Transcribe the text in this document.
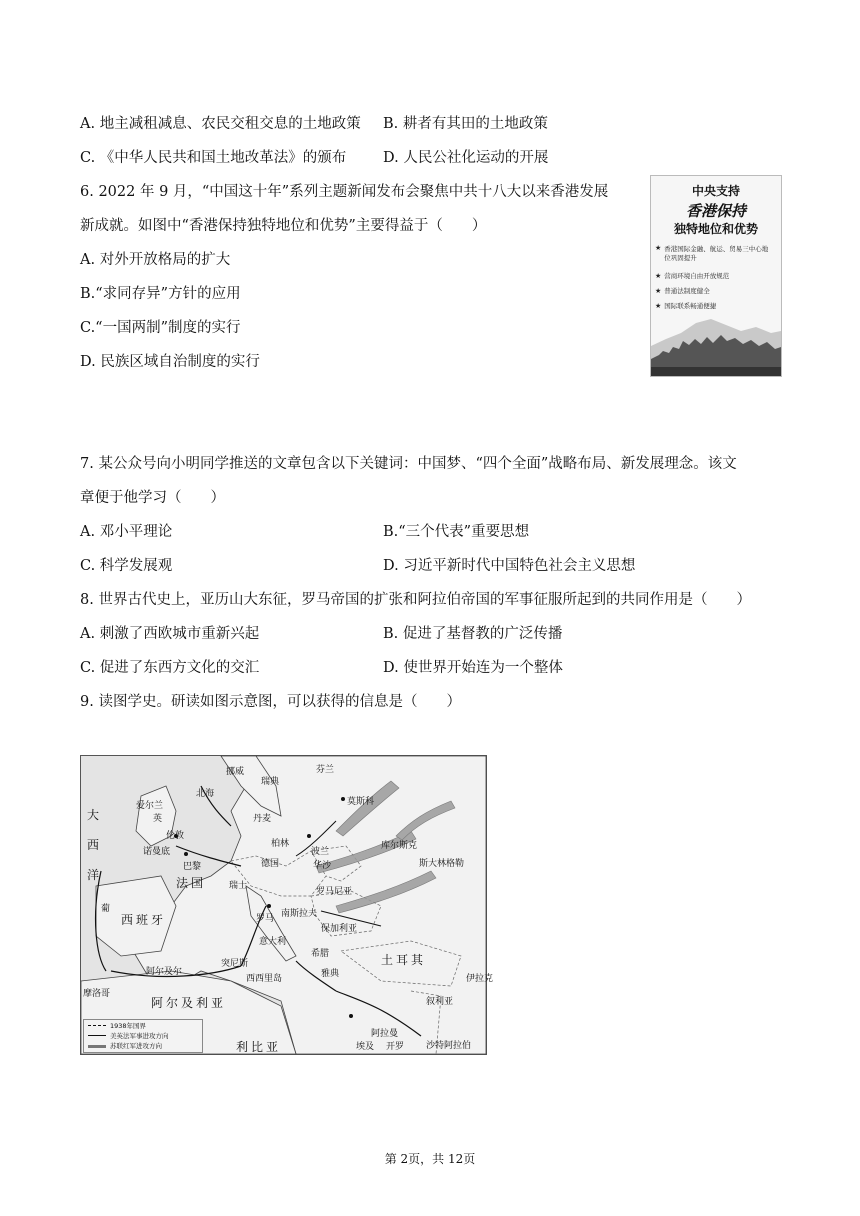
A. 地主减租减息、农民交租交息的土地政策 B. 耕者有其田的土地政策
C. 《中华人民共和国土地改革法》的颁布	D. 人民公社化运动的开展
6. 2022 年 9 月，“中国这十年”系列主题新闻发布会聚焦中共十八大以来香港发展
新成就。如图中“香港保持独特地位和优势”主要得益于（　　）
A. 对外开放格局的扩大
B.“求同存异”方针的应用
C.“一国两制”制度的实行
D. 民族区域自治制度的实行
中央支持
香港保持
独特地位和优势
★ 香港国际金融、航运、贸易三中心地位巩固提升
★ 营商环境自由开放规范
★ 普通法制度健全
★ 国际联系畅通便捷
7. 某公众号向小明同学推送的文章包含以下关键词：中国梦、“四个全面”战略布局、新发展理念。该文
章便于他学习（　　）
A. 邓小平理论	B.“三个代表”重要思想
C. 科学发展观	D. 习近平新时代中国特色社会主义思想
8. 世界古代史上，亚历山大东征，罗马帝国的扩张和阿拉伯帝国的军事征服所起到的共同作用是（　　）
A. 刺激了西欧城市重新兴起	B. 促进了基督教的广泛传播
C. 促进了东西方文化的交汇	D. 使世界开始连为一个整体
9. 读图学史。研读如图示意图，可以获得的信息是（　　）
大
西
洋
挪威
瑞典
芬兰
莫斯科
丹麦
北海
爱尔兰
英
伦敦
诺曼底
巴黎
法国
德国
柏林
波兰
华沙
库尔斯克
斯大林格勒
瑞士
罗马尼亚
南斯拉夫
保加利亚
意大利
罗马
葡
西班牙
阿尔及尔
突尼斯
西西里岛
土耳其
希腊
雅典
摩洛哥
阿尔及利亚
利比亚
阿拉曼
开罗
埃及
叙利亚
伊拉克
沙特阿拉伯
1938年国界
美英法军事进攻方向
苏联红军进攻方向
第 2页，共 12页
